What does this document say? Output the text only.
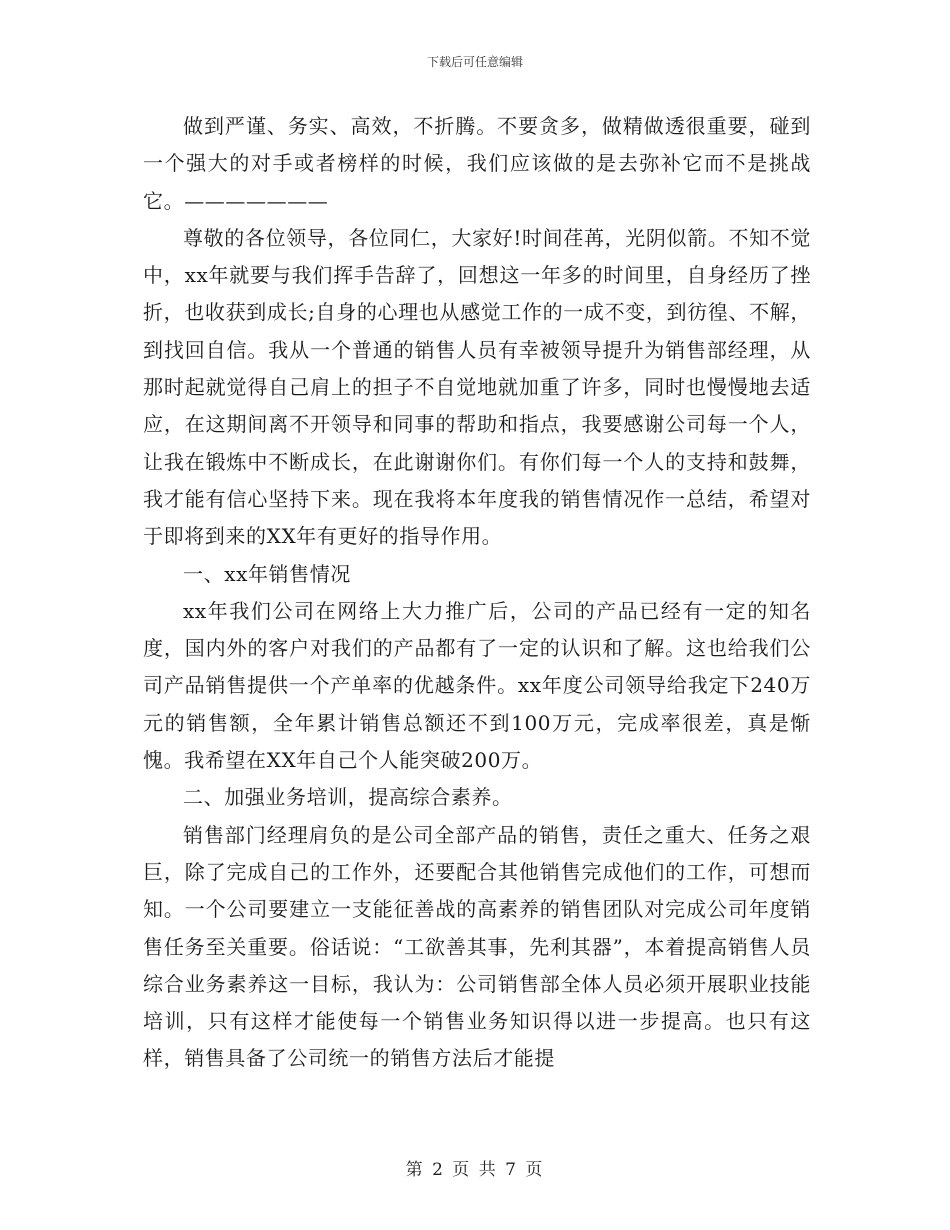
下载后可任意编辑

做到严谨、务实、高效，不折腾。不要贪多，做精做透很重要，碰到一个强大的对手或者榜样的时候，我们应该做的是去弥补它而不是挑战它。———————

尊敬的各位领导，各位同仁，大家好!时间荏苒，光阴似箭。不知不觉中，xx年就要与我们挥手告辞了，回想这一年多的时间里，自身经历了挫折，也收获到成长;自身的心理也从感觉工作的一成不变，到彷徨、不解，到找回自信。我从一个普通的销售人员有幸被领导提升为销售部经理，从那时起就觉得自己肩上的担子不自觉地就加重了许多，同时也慢慢地去适应，在这期间离不开领导和同事的帮助和指点，我要感谢公司每一个人，让我在锻炼中不断成长，在此谢谢你们。有你们每一个人的支持和鼓舞，我才能有信心坚持下来。现在我将本年度我的销售情况作一总结，希望对于即将到来的XX年有更好的指导作用。

一、xx年销售情况

xx年我们公司在网络上大力推广后，公司的产品已经有一定的知名度，国内外的客户对我们的产品都有了一定的认识和了解。这也给我们公司产品销售提供一个产单率的优越条件。xx年度公司领导给我定下240万元的销售额，全年累计销售总额还不到100万元，完成率很差，真是惭愧。我希望在XX年自己个人能突破200万。

二、加强业务培训，提高综合素养。

销售部门经理肩负的是公司全部产品的销售，责任之重大、任务之艰巨，除了完成自己的工作外，还要配合其他销售完成他们的工作，可想而知。一个公司要建立一支能征善战的高素养的销售团队对完成公司年度销售任务至关重要。俗话说：“工欲善其事，先利其器”，本着提高销售人员综合业务素养这一目标，我认为：公司销售部全体人员必须开展职业技能培训，只有这样才能使每一个销售业务知识得以进一步提高。也只有这样，销售具备了公司统一的销售方法后才能提

第 2 页 共 7 页
